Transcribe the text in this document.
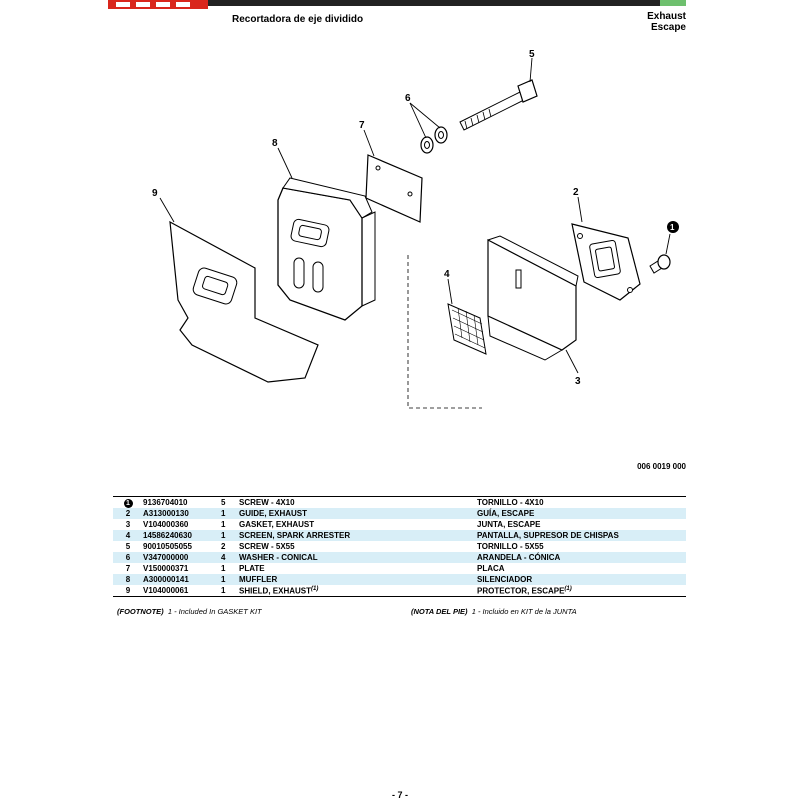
Recortadora de eje dividido	Exhaust
Escape
5
6
7
8
9	2
1
4
3
006 0019 000
1	9136704010	5	SCREW - 4X10	TORNILLO - 4X10
2	A313000130	1	GUIDE, EXHAUST	GUÍA, ESCAPE
3	V104000360	1	GASKET, EXHAUST	JUNTA, ESCAPE
4	14586240630	1	SCREEN, SPARK ARRESTER	PANTALLA, SUPRESOR DE CHISPAS
5	90010505055	2	SCREW - 5X55	TORNILLO - 5X55
6	V347000000	4	WASHER - CONICAL	ARANDELA - CÓNICA
7	V150000371	1	PLATE	PLACA
8	A300000141	1	MUFFLER	SILENCIADOR
9	V104000061	1	SHIELD, EXHAUST$^{(1)}$	PROTECTOR, ESCAPE$^{(1)}$
(FOOTNOTE) 1 - Included In GASKET KIT	(NOTA DEL PIE) 1 - Incluido en KIT de la JUNTA
- 7 -
